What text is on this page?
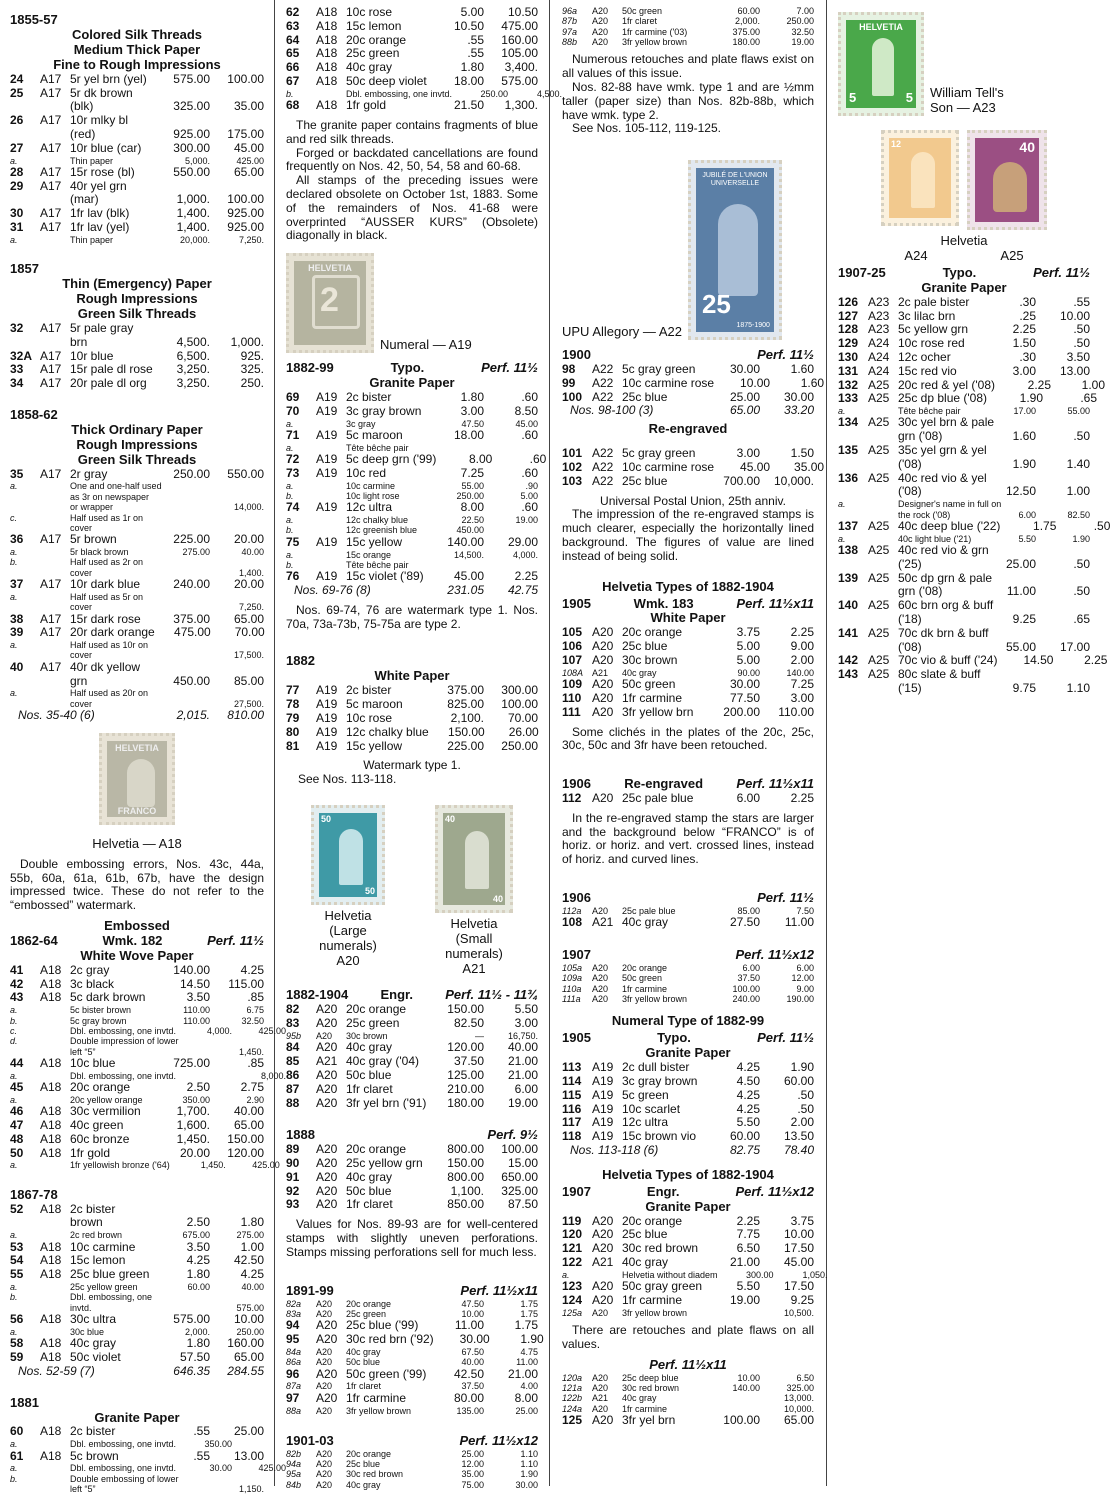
1855-57
Colored Silk Threads
Medium Thick Paper
Fine to Rough Impressions
24	A17 5r yel brn (yel)	575.00	100.00
25	A17 5r dk brown
(blk)	325.00	35.00
26	A17 10r mlky bl
(red)	925.00	175.00
27	A17 10r blue (car)	300.00	45.00
a.	Thin paper	5,000.	425.00
28	A17 15r rose (bl)	550.00	65.00
29	A17 40r yel grn
(mar)	1,000.	100.00
30	A17 1fr lav (blk)	1,400.	925.00
31	A17 1fr lav (yel)	1,400.	925.00
a.	Thin paper	20,000.	7,250.
1857
Thin (Emergency) Paper
Rough Impressions
Green Silk Threads
32	A17 5r pale gray
brn	4,500.	1,000.
32A A17 10r blue	6,500.	925.
33	A17 15r pale dl rose	3,250.	325.
34	A17 20r pale dl org	3,250.	250.
1858-62
Thick Ordinary Paper
Rough Impressions
Green Silk Threads
35	A17 2r gray	250.00	550.00
a.	One and one-half used
as 3r on newspaper
or wrapper	14,000.
c.	Half used as 1r on
cover
36	A17 5r brown	225.00	20.00
a.	5r black brown	275.00	40.00
b.	Half used as 2r on
cover	1,400.
37	A17 10r dark blue	240.00	20.00
a.	Half used as 5r on
cover	7,250.
38	A17 15r dark rose	375.00	65.00
39	A17 20r dark orange	475.00	70.00
a.	Half used as 10r on
cover	17,500.
40	A17 40r dk yellow
grn	450.00	85.00
a.	Half used as 20r on
cover	27,500.
Nos. 35-40 (6)	2,015.	810.00
HELVETIA
FRANCO
Helvetia — A18

Double embossing errors, Nos. 43c, 44a, 55b, 60a, 61a, 61b, 67b, have the design impressed twice. These do not refer to the “embossed” watermark.

Embossed
1862-64	Wmk. 182	Perf. 11½
White Wove Paper
41	A18 2c gray	140.00	4.25
42	A18 3c black	14.50	115.00
43	A18 5c dark brown	3.50	.85
a.	5c bister brown	110.00	6.75
b.	5c gray brown	110.00	32.50
c.	Dbl. embossing, one invtd.	4,000.	425.00
d.	Double impression of lower
left “5”	1,450.
44	A18 10c blue	725.00	.85
a.	Dbl. embossing, one invtd.	8,000.
45	A18 20c orange	2.50	2.75
a.	20c yellow orange	350.00	2.90
46	A18 30c vermilion	1,700.	40.00
47	A18 40c green	1,600.	65.00
48	A18 60c bronze	1,450.	150.00
50	A18 1fr gold	20.00	120.00
a.	1fr yellowish bronze ('64)	1,450.	425.00
1867-78
52	A18 2c bister
brown	2.50	1.80
a.	2c red brown	675.00	275.00
53	A18 10c carmine	3.50	1.00
54	A18 15c lemon	4.25	42.50
55	A18 25c blue green	1.80	4.25
a.	25c yellow green	60.00	40.00
b.	Dbl. embossing, one
invtd.	575.00
56	A18 30c ultra	575.00	10.00
a.	30c blue	2,000.	250.00
58	A18 40c gray	1.80	160.00
59	A18 50c violet	57.50	65.00
Nos. 52-59 (7)	646.35	284.55
1881
Granite Paper
60	A18 2c bister	.55	25.00
a.	Dbl. embossing, one invtd.	350.00
61	A18 5c brown	.55	13.00
a.	Dbl. embossing, one invtd.	30.00	425.00
b.	Double embossing of lower
left “5”	1,150.
62	A18 10c rose	5.00	10.50
63	A18 15c lemon	10.50	475.00
64	A18 20c orange	.55	160.00
65	A18 25c green	.55	105.00
66	A18 40c gray	1.80	3,400.
67	A18 50c deep violet	18.00	575.00
b.	Dbl. embossing, one invtd.	250.00	4,500.
68	A18 1fr gold	21.50	1,300.

The granite paper contains fragments of blue and red silk threads.

Forged or backdated cancellations are found frequently on Nos. 42, 50, 54, 58 and 60-68.

All stamps of the preceding issues were declared obsolete on October 1st, 1883. Some of the remainders of Nos. 41-68 were overprinted “AUSSER KURS” (Obsolete) diagonally in black.

2
HELVETIA
Numeral — A19
1882-99	Typo.	Perf. 11½
Granite Paper
69	A19 2c bister	1.80	.60
70	A19 3c gray brown	3.00	8.50
a.	3c gray	47.50	45.00
71	A19 5c maroon	18.00	.60
a.	Tête bêche pair
72	A19 5c deep grn ('99)	8.00	.60
73	A19 10c red	7.25	.60
a.	10c carmine	55.00	.90
b.	10c light rose	250.00	5.00
74	A19 12c ultra	8.00	.60
a.	12c chalky blue	22.50	19.00
b.	12c greenish blue	450.00
75	A19 15c yellow	140.00	29.00
a.	15c orange	14,500.	4,000.
b.	Tête bêche pair
76	A19 15c violet ('89)	45.00	2.25
Nos. 69-76 (8)	231.05	42.75

Nos. 69-74, 76 are watermark type 1. Nos. 70a, 73a-73b, 75-75a are type 2.

1882
White Paper
77	A19 2c bister	375.00	300.00
78	A19 5c maroon	825.00	100.00
79	A19 10c rose	2,100.	70.00
80	A19 12c chalky blue	150.00	26.00
81	A19 15c yellow	225.00	250.00
Watermark type 1.
See Nos. 113-118.
50
50
Helvetia
(Large
numerals)
A20
40
40
Helvetia
(Small
numerals)
A21
1882-1904	Engr.	Perf. 11½ - 11¾
82	A20 20c orange	150.00	5.50
83	A20 25c green	82.50	3.00
95b	A20	30c brown	—	16,750.
84	A20 40c gray	120.00	40.00
85	A21 40c gray ('04)	37.50	21.00
86	A20 50c blue	125.00	21.00
87	A20 1fr claret	210.00	6.00
88	A20 3fr yel brn ('91)	180.00	19.00
1888	Perf. 9½
89	A20 20c orange	800.00	100.00
90	A20 25c yellow grn	150.00	15.00
91	A20 40c gray	800.00	650.00
92	A20 50c blue	1,100.	325.00
93	A20 1fr claret	850.00	87.50

Values for Nos. 89-93 are for well-centered stamps with slightly uneven perforations. Stamps missing perforations sell for much less.

1891-99	Perf. 11½x11
82a	A20	20c orange	47.50	1.75
83a	A20	25c green	10.00	1.75
94	A20 25c blue ('99)	11.00	1.75
95	A20 30c red brn ('92)	30.00	1.90
84a	A20	40c gray	67.50	4.75
86a	A20	50c blue	40.00	11.00
96	A20 50c green ('99)	42.50	21.00
87a	A20	1fr claret	37.50	4.00
97	A20 1fr carmine	80.00	8.00
88a	A20	3fr yellow brown	135.00	25.00
1901-03	Perf. 11½x12
82b	A20	20c orange	25.00	1.10
94a	A20	25c blue	12.00	1.10
95a	A20	30c red brown	35.00	1.90
84b	A20	40c gray	75.00	30.00
96a	A20	50c green	60.00	7.00
87b	A20	1fr claret	2,000.	250.00
97a	A20	1fr carmine ('03)	375.00	32.50
88b	A20	3fr yellow brown	180.00	19.00

Numerous retouches and plate flaws exist on all values of this issue.

Nos. 82-88 have wmk. type 1 and are ½mm taller (paper size) than Nos. 82b-88b, which have wmk. type 2.

See Nos. 105-112, 119-125.

UPU Allegory — A22
JUBILÉ DE L'UNION UNIVERSELLE
25
1875-1900
1900	Perf. 11½
98	A22 5c gray green	30.00	1.60
99	A22 10c carmine rose	10.00	1.60
100 A22 25c blue	25.00	30.00
Nos. 98-100 (3)	65.00	33.20
Re-engraved
101 A22 5c gray green	3.00	1.50
102 A22 10c carmine rose	45.00	35.00
103 A22 25c blue	700.00	10,000.

Universal Postal Union, 25th anniv.

The impression of the re-engraved stamps is much clearer, especially the horizontally lined background. The figures of value are lined instead of being solid.

Helvetia Types of 1882-1904
1905	Wmk. 183	Perf. 11½x11
White Paper
105 A20 20c orange	3.75	2.25
106 A20 25c blue	5.00	9.00
107 A20 30c brown	5.00	2.00
108A A21	40c gray	90.00	140.00
109 A20 50c green	30.00	7.25
110 A20 1fr carmine	77.50	3.00
111 A20 3fr yellow brn	200.00	110.00

Some clichés in the plates of the 20c, 25c, 30c, 50c and 3fr have been retouched.

1906	Re-engraved	Perf. 11½x11
112 A20 25c pale blue	6.00	2.25

In the re-engraved stamp the stars are larger and the background below “FRANCO” is of horiz. or horiz. and vert. crossed lines, instead of horiz. and curved lines.

1906	Perf. 11½
112a	A20	25c pale blue	85.00	7.50
108 A21 40c gray	27.50	11.00
1907	Perf. 11½x12
105a	A20	20c orange	6.00	6.00
109a	A20	50c green	37.50	12.00
110a	A20	1fr carmine	100.00	9.00
111a	A20	3fr yellow brown	240.00	190.00
Numeral Type of 1882-99
1905	Typo.	Perf. 11½
Granite Paper
113 A19 2c dull bister	4.25	1.90
114 A19 3c gray brown	4.50	60.00
115 A19 5c green	4.25	.50
116 A19 10c scarlet	4.25	.50
117 A19 12c ultra	5.50	2.00
118 A19 15c brown vio	60.00	13.50
Nos. 113-118 (6)	82.75	78.40
Helvetia Types of 1882-1904
1907	Engr.	Perf. 11½x12
Granite Paper
119 A20 20c orange	2.25	3.75
120 A20 25c blue	7.75	10.00
121 A20 30c red brown	6.50	17.50
122 A21 40c gray	21.00	45.00
a.	Helvetia without diadem	300.00	1,050.
123 A20 50c gray green	5.50	17.50
124 A20 1fr carmine	19.00	9.25
125a	A20	3fr yellow brown	10,500.

There are retouches and plate flaws on all values.

Perf. 11½x11
120a	A20	25c deep blue	10.00	6.50
121a	A20	30c red brown	140.00	325.00
122b	A21	40c gray	13,000.
124a	A20	1fr carmine	10,000.
125 A20 3fr yel brn	100.00	65.00
HELVETIA
5	5 William Tell's
Son — A23
12	40
Helvetia
A24	A25
1907-25	Typo.	Perf. 11½
Granite Paper
126 A23 2c pale bister	.30	.55
127 A23 3c lilac brn	.25	10.00
128 A23 5c yellow grn	2.25	.50
129 A24 10c rose red	1.50	.50
130 A24 12c ocher	.30	3.50
131 A24 15c red vio	3.00	13.00
132 A25 20c red & yel ('08)	2.25	1.00
133 A25 25c dp blue ('08)	1.90	.65
a.	Tête bêche pair	17.00	55.00
134 A25 30c yel brn & pale
grn ('08)	1.60	.50
135 A25 35c yel grn & yel
('08)	1.90	1.40
136 A25 40c red vio & yel
('08)	12.50	1.00
a.	Designer's name in full on
the rock ('08)	6.00	82.50
137 A25 40c deep blue ('22)	1.75	.50
a.	40c light blue ('21)	5.50	1.90
138 A25 40c red vio & grn
('25)	25.00	.50
139 A25 50c dp grn & pale
grn ('08)	11.00	.50
140 A25 60c brn org & buff
('18)	9.25	.65
141 A25 70c dk brn & buff
('08)	55.00	17.00
142 A25 70c vio & buff ('24)	14.50	2.25
143 A25 80c slate & buff
('15)	9.75	1.10
